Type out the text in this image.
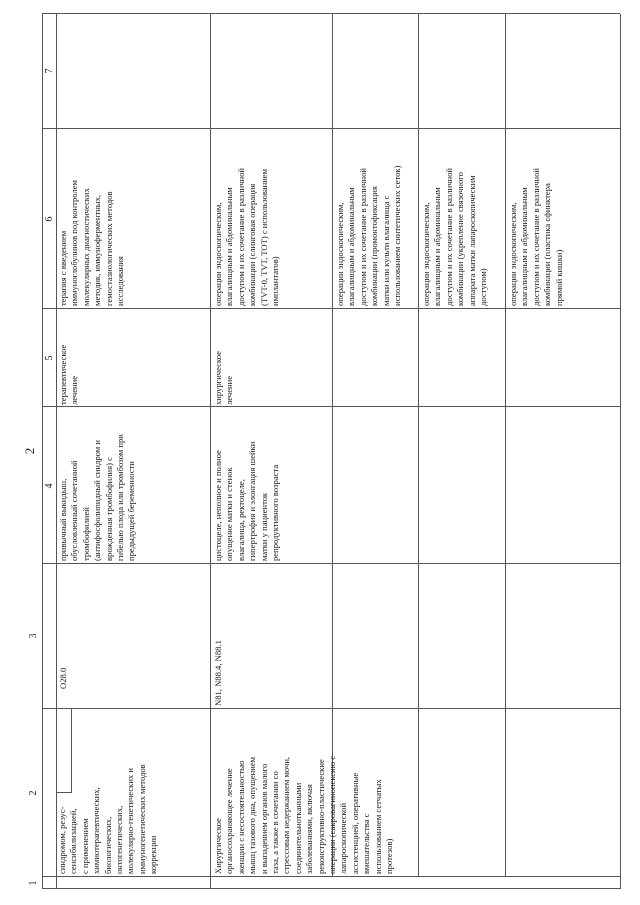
2
1
2
3
4
5
6
7
синдромом, резус-
сенсибилизацией,
с применением
химиотерапевтических,
биологических,
онтогенетических,
молекулярно-генетических и
иммуногенетических методов
коррекции
O28.0
привычный выкидыш,
обусловленный сочетанной
тромбофилией
(антифосфолипидный синдром и
врожденная тромбофилия) с
гибелью плода или тромбозом при
предыдущей беременности
терапевтическое
лечение
терапия с введением
иммуноглобулинов под контролем
молекулярных диагностических
методик, иммуноферментных,
гемостазиологических методов
исследования
Хирургическое
органосохраняющее лечение
женщин с несостоятельностью
мышц тазового дна, опущением
и выпадением органов малого
таза, а также в сочетании со
стрессовым недержанием мочи,
соединительнотканными
заболеваниями, включая
реконструктивно-пластические
операции (сакровагинопексию с
лапароскопической
ассистенцией, оперативные
вмешательства с
использованием сетчатых
протезов)
N81, N88.4, N88.1
цистоцеле, неполное и полное
опущение матки и стенок
влагалища, ректоцеле,
гипертрофия и элонгация шейки
матки у пациенток
репродуктивного возраста
хирургическое
лечение
операции эндоскопическим,
влагалищным и абдоминальным
доступом и их сочетание в различной
комбинации (слинговая операция
(TVT-0, TVT, TOT) с использованием
имплантатов)	операции эндоскопическим,
влагалищным и абдоминальным
доступом и их сочетание в различной
комбинации (промонтофиксация
матки или культи влагалища с
использованием синтетических сеток)
операции эндоскопическим,
влагалищным и абдоминальным
доступом и их сочетание в различной
комбинации (укрепление связочного
аппарата матки лапароскопическим
доступом) операции эндоскопическим,
влагалищным и абдоминальным
доступом и их сочетание в различной
комбинации (пластика сфинктера
прямой кишки)
